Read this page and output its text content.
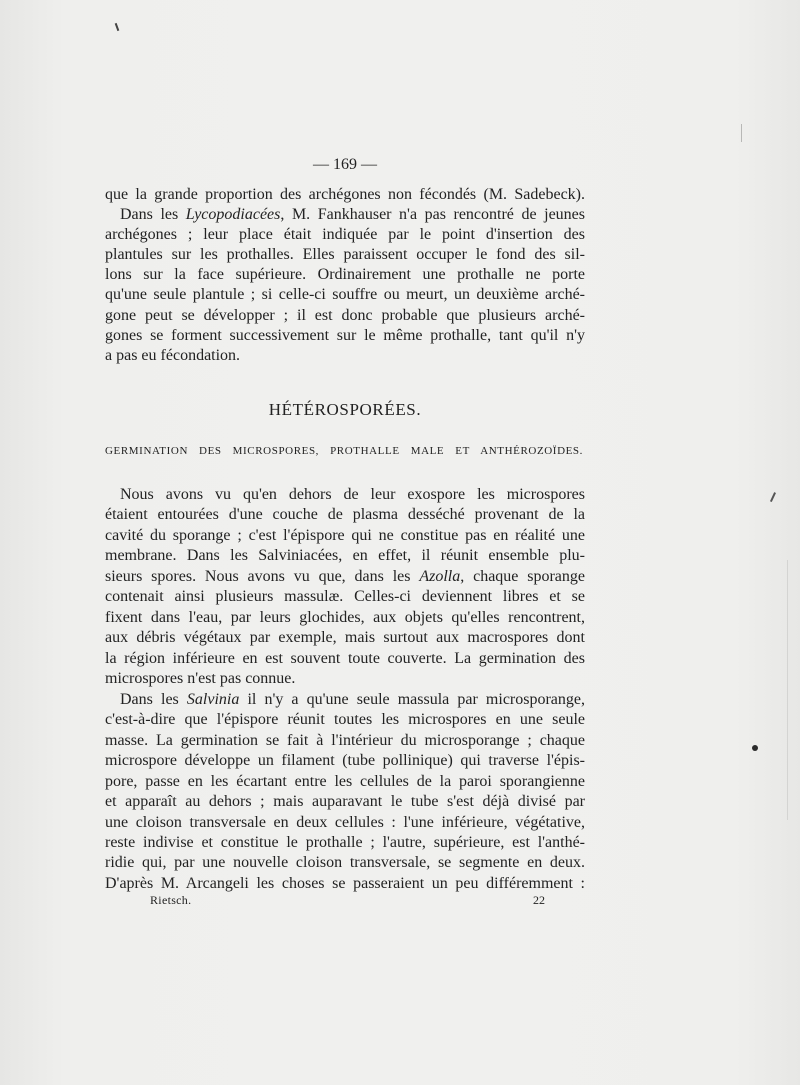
— 169 —
que la grande proportion des archégones non fécondés (M. Sadebeck).
Dans les Lycopodiacées, M. Fankhauser n'a pas rencontré de jeunes
archégones ; leur place était indiquée par le point d'insertion des
plantules sur les prothalles. Elles paraissent occuper le fond des sil-
lons sur la face supérieure. Ordinairement une prothalle ne porte
qu'une seule plantule ; si celle-ci souffre ou meurt, un deuxième arché-
gone peut se développer ; il est donc probable que plusieurs arché-
gones se forment successivement sur le même prothalle, tant qu'il n'y
a pas eu fécondation.
HÉTÉROSPORÉES.
GERMINATION DES MICROSPORES, PROTHALLE MALE ET ANTHÉROZOÏDES.
Nous avons vu qu'en dehors de leur exospore les microspores
étaient entourées d'une couche de plasma desséché provenant de la
cavité du sporange ; c'est l'épispore qui ne constitue pas en réalité une
membrane. Dans les Salviniacées, en effet, il réunit ensemble plu-
sieurs spores. Nous avons vu que, dans les Azolla, chaque sporange
contenait ainsi plusieurs massulæ. Celles-ci deviennent libres et se
fixent dans l'eau, par leurs glochides, aux objets qu'elles rencontrent,
aux débris végétaux par exemple, mais surtout aux macrospores dont
la région inférieure en est souvent toute couverte. La germination des
microspores n'est pas connue.
Dans les Salvinia il n'y a qu'une seule massula par microsporange,
c'est-à-dire que l'épispore réunit toutes les microspores en une seule
masse. La germination se fait à l'intérieur du microsporange ; chaque
microspore développe un filament (tube pollinique) qui traverse l'épis-
pore, passe en les écartant entre les cellules de la paroi sporangienne
et apparaît au dehors ; mais auparavant le tube s'est déjà divisé par
une cloison transversale en deux cellules : l'une inférieure, végétative,
reste indivise et constitue le prothalle ; l'autre, supérieure, est l'anthé-
ridie qui, par une nouvelle cloison transversale, se segmente en deux.
D'après M. Arcangeli les choses se passeraient un peu différemment :
Rietsch.	22
